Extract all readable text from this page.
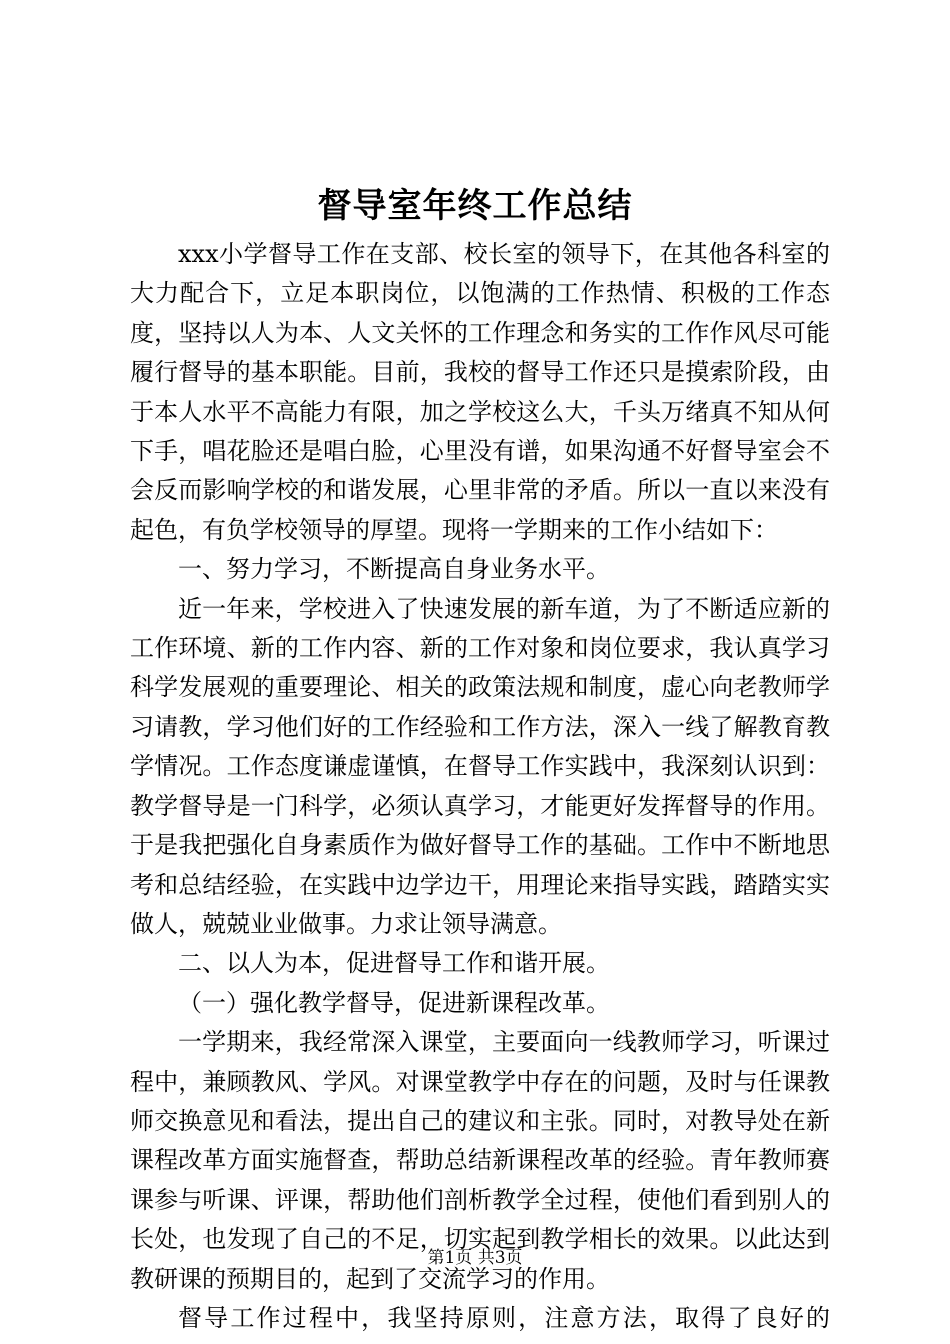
督导室年终工作总结

xxx小学督导工作在支部、校长室的领导下，在其他各科室的大力配合下，立足本职岗位，以饱满的工作热情、积极的工作态度，坚持以人为本、人文关怀的工作理念和务实的工作作风尽可能履行督导的基本职能。目前，我校的督导工作还只是摸索阶段，由于本人水平不高能力有限，加之学校这么大，千头万绪真不知从何下手，唱花脸还是唱白脸，心里没有谱，如果沟通不好督导室会不会反而影响学校的和谐发展，心里非常的矛盾。所以一直以来没有起色，有负学校领导的厚望。现将一学期来的工作小结如下：

一、努力学习，不断提高自身业务水平。

近一年来，学校进入了快速发展的新车道，为了不断适应新的工作环境、新的工作内容、新的工作对象和岗位要求，我认真学习科学发展观的重要理论、相关的政策法规和制度，虚心向老教师学习请教，学习他们好的工作经验和工作方法，深入一线了解教育教学情况。工作态度谦虚谨慎，在督导工作实践中，我深刻认识到：教学督导是一门科学，必须认真学习，才能更好发挥督导的作用。于是我把强化自身素质作为做好督导工作的基础。工作中不断地思考和总结经验，在实践中边学边干，用理论来指导实践，踏踏实实做人，兢兢业业做事。力求让领导满意。

二、以人为本，促进督导工作和谐开展。

（一）强化教学督导，促进新课程改革。

一学期来，我经常深入课堂，主要面向一线教师学习，听课过程中，兼顾教风、学风。对课堂教学中存在的问题，及时与任课教师交换意见和看法，提出自己的建议和主张。同时，对教导处在新课程改革方面实施督查，帮助总结新课程改革的经验。青年教师赛课参与听课、评课，帮助他们剖析教学全过程，使他们看到别人的长处，也发现了自己的不足，切实起到教学相长的效果。以此达到教研课的预期目的，起到了交流学习的作用。

督导工作过程中，我坚持原则，注意方法，取得了良好的

第1页 共3页
